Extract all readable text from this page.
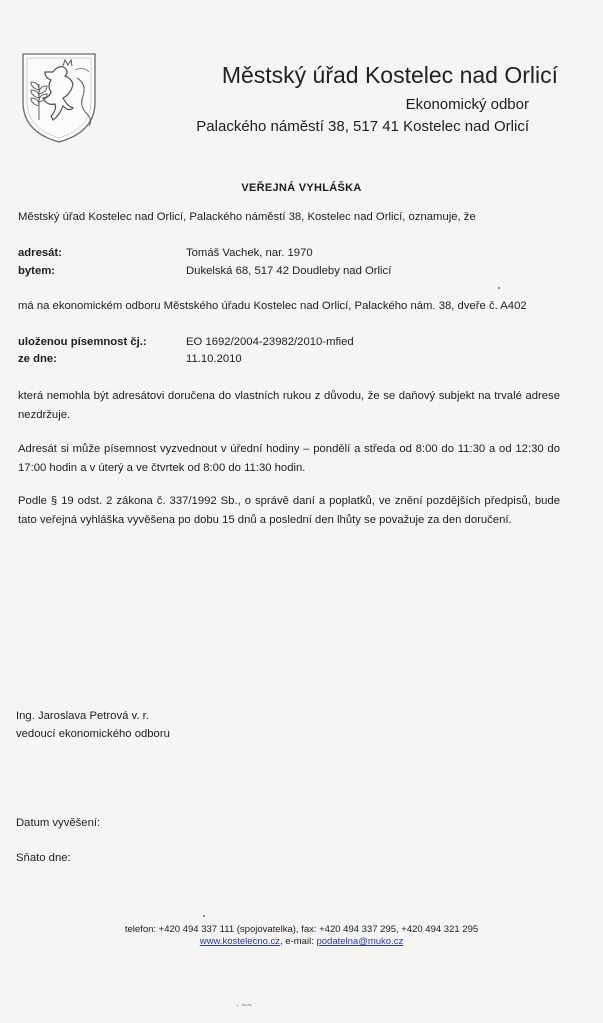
Městský úřad Kostelec nad Orlicí
Ekonomický odbor
Palackého náměstí 38, 517 41 Kostelec nad Orlicí
VEŘEJNÁ VYHLÁŠKA
Městský úřad Kostelec nad Orlicí, Palackého náměstí 38, Kostelec nad Orlicí, oznamuje, že
adresát:	Tomáš Vachek, nar. 1970
bytem:	Dukelská 68, 517 42 Doudleby nad Orlicí
má na ekonomickém odboru Městského úřadu Kostelec nad Orlicí, Palackého nám. 38, dveře č. A402
uloženou písemnost čj.:	EO 1692/2004-23982/2010-mfied
ze dne:	11.10.2010
která nemohla být adresátovi doručena do vlastních rukou z důvodu, že se daňový subjekt na trvalé adrese nezdržuje.
Adresát si může písemnost vyzvednout v úřední hodiny – pondělí a středa od 8:00 do 11:30 a od 12:30 do 17:00 hodin a v úterý a ve čtvrtek od 8:00 do 11:30 hodin.
Podle § 19 odst. 2 zákona č. 337/1992 Sb., o správě daní a poplatků, ve znění pozdějších předpisů, bude tato veřejná vyhláška vyvěšena po dobu 15 dnů a poslední den lhůty se považuje za den doručení.
Ing. Jaroslava Petrová v. r.
vedoucí ekonomického odboru
Datum vyvěšení:
Sňato dne:
telefon: +420 494 337 111 (spojovatelka), fax: +420 494 337 295, +420 494 321 295
www.kostelecno.cz, e-mail: podatelna@muko.cz
· ~~
